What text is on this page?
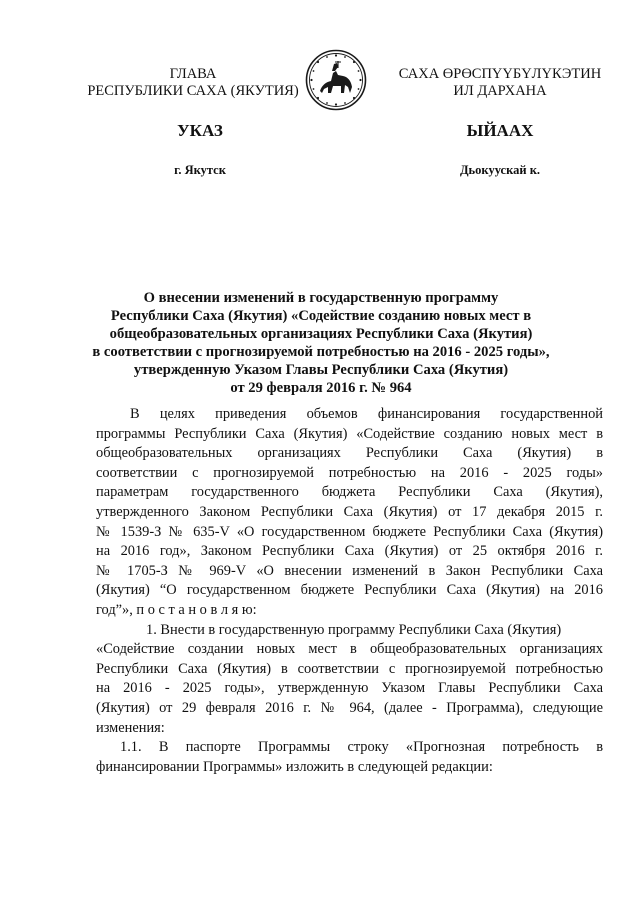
ГЛАВА
РЕСПУБЛИКИ САХА (ЯКУТИЯ)
САХА ӨРӨСПҮҮБҮЛҮКЭТИН
ИЛ ДАРХАНА
УКАЗ	ЫЙААХ
г. Якутск	Дьокуускай к.
О внесении изменений в государственную программу
Республики Саха (Якутия) «Содействие созданию новых мест в
общеобразовательных организациях Республики Саха (Якутия)
в соответствии с прогнозируемой потребностью на 2016 - 2025 годы»,
утвержденную Указом Главы Республики Саха (Якутия)
от 29 февраля 2016 г. № 964
В целях приведения объемов финансирования государственной
программы Республики Саха (Якутия) «Содействие созданию новых мест в
общеобразовательных организациях Республики Саха (Якутия) в
соответствии с прогнозируемой потребностью на 2016 - 2025 годы»
параметрам государственного бюджета Республики Саха (Якутия),
утвержденного Законом Республики Саха (Якутия) от 17 декабря 2015 г.
№ 1539-З № 635-V «О государственном бюджете Республики Саха (Якутия)
на 2016 год», Законом Республики Саха (Якутия) от 25 октября 2016 г.
№ 1705-З № 969-V «О внесении изменений в Закон Республики Саха
(Якутия) “О государственном бюджете Республики Саха (Якутия) на 2016
год”», п о с т а н о в л я ю:
1. Внести в государственную программу Республики Саха (Якутия)
«Содействие создании новых мест в общеобразовательных организациях
Республики Саха (Якутия) в соответствии с прогнозируемой потребностью
на 2016 - 2025 годы», утвержденную Указом Главы Республики Саха
(Якутия) от 29 февраля 2016 г. № 964, (далее - Программа), следующие
изменения:
1.1. В паспорте Программы строку «Прогнозная потребность в
финансировании Программы» изложить в следующей редакции:
